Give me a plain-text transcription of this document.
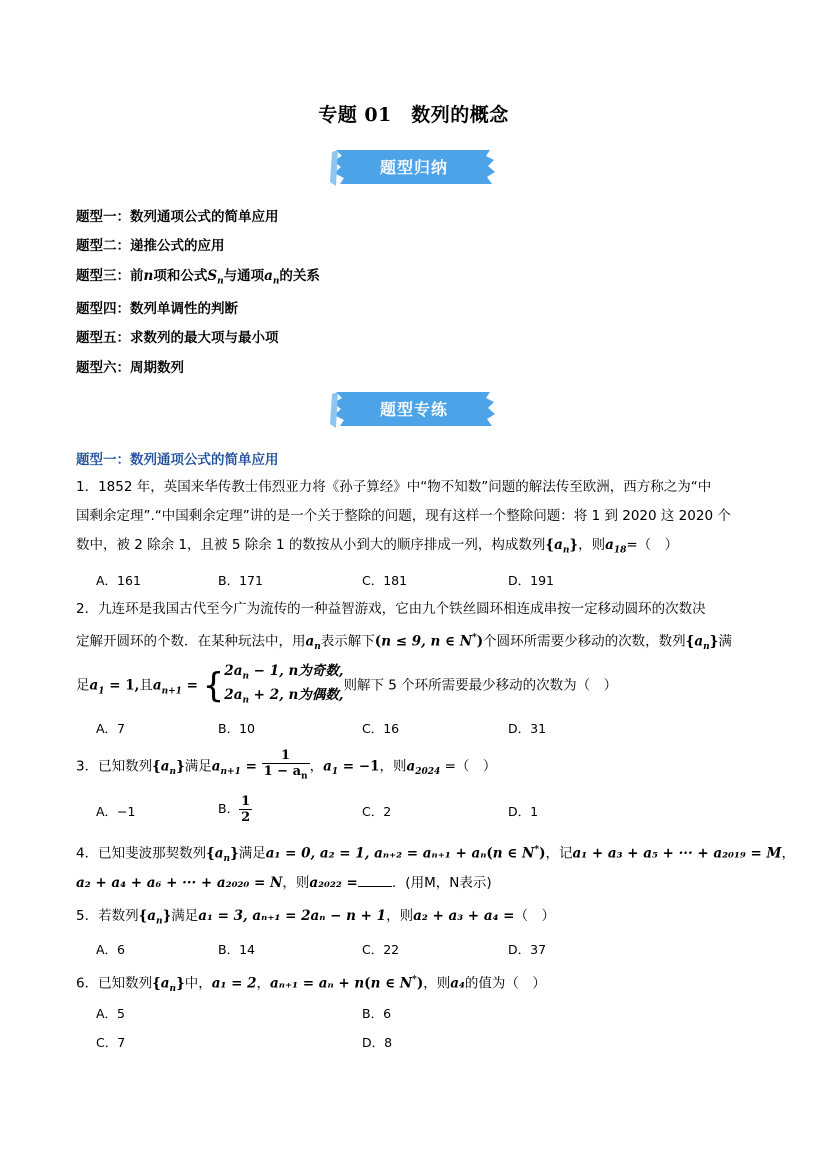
专题 01　数列的概念
题型归纳
题型一：数列通项公式的简单应用
题型二：递推公式的应用
题型三：前n项和公式$S_n$与通项$a_n$的关系
题型四：数列单调性的判断
题型五：求数列的最大项与最小项
题型六：周期数列
题型专练
题型一：数列通项公式的简单应用
1．1852 年，英国来华传教士伟烈亚力将《孙子算经》中“物不知数”问题的解法传至欧洲，西方称之为“中
国剩余定理”.“中国剩余定理”讲的是一个关于整除的问题，现有这样一个整除问题：将 1 到 2020 这 2020 个
数中，被 2 除余 1，且被 5 除余 1 的数按从小到大的顺序排成一列，构成数列$\{a_n\}$，则$a_{18}=$（　）
A．161	B．171	C．181	D．191
2．九连环是我国古代至今广为流传的一种益智游戏，它由九个铁丝圆环相连成串按一定移动圆环的次数决
定解开圆环的个数．在某种玩法中，用$a_n$表示解下(n ≤ 9, n ∈ N*)个圆环所需要少移动的次数，数列$\{a_n\}$满
足$a_1 = 1$,且$a_{n+1}$ = { $2a_n - 1$, n为奇数,
$2a_n + 2$, n为偶数,
则解下 5 个环所需要最少移动的次数为（　）
A．7	B．10	C．16	D．31
3．已知数列$\{a_n\}$满足$a_{n+1} = \frac{1}{1 - a_n}$ ，$a_1 = -1$，则$a_{2024}$ =（　）
A．−1	B． $\frac{1}{2}$	C．2	D．1
4．已知斐波那契数列$\{a_n\}$满足a₁ = 0, a₂ = 1, aₙ₊₂ = aₙ₊₁ + aₙ(n ∈ N*)，记a₁ + a₃ + a₅ + ··· + a₂₀₁₉ = M，
a₂ + a₄ + a₆ + ··· + a₂₀₂₀ = N，则a₂₀₂₂ =	．(用M，N表示)
5．若数列$\{a_n\}$满足a₁ = 3, aₙ₊₁ = 2aₙ − n + 1，则a₂ + a₃ + a₄ =（　）
A．6	B．14	C．22	D．37
6．已知数列$\{a_n\}$中，a₁ = 2，aₙ₊₁ = aₙ + n(n ∈ N*)，则a₄的值为（　）
A．5	B．6
C．7	D．8
